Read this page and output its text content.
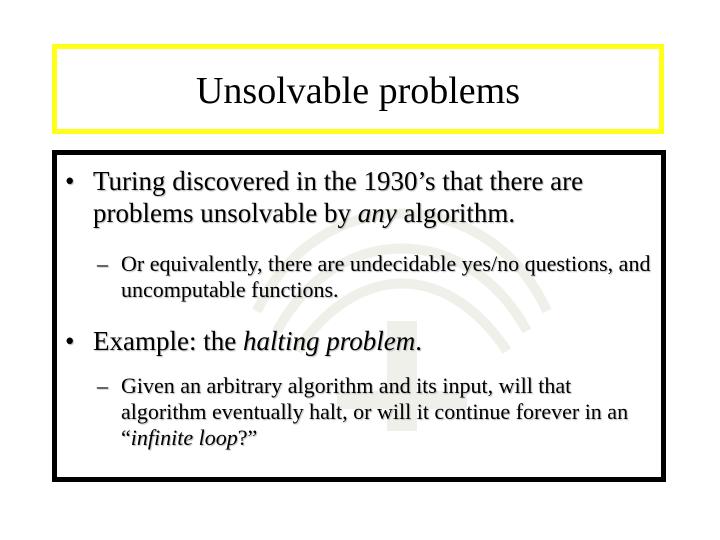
Unsolvable problems
• Turing discovered in the 1930’s that there are problems unsolvable by any algorithm.
– Or equivalently, there are undecidable yes/no questions, and uncomputable functions.
• Example: the halting problem.
– Given an arbitrary algorithm and its input, will that algorithm eventually halt, or will it continue forever in an “infinite loop?”
